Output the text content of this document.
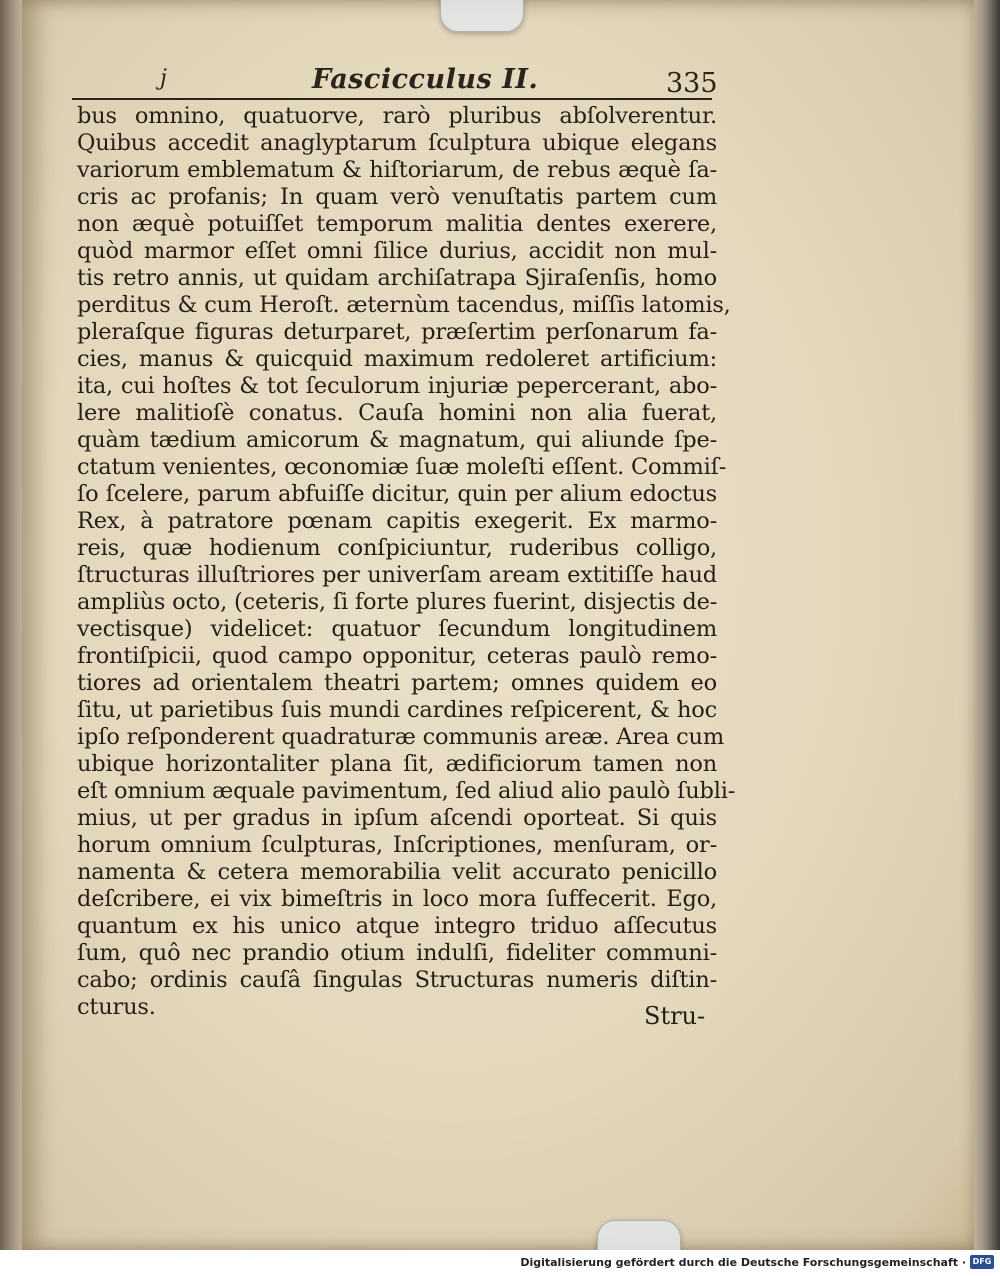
j	Fascicculus II.	335
bus omnino, quatuorve, rarò pluribus abſolverentur.
Quibus accedit anaglyptarum ſculptura ubique elegans
variorum emblematum & hiſtoriarum, de rebus æquè ſa-
cris ac profanis; In quam verò venuſtatis partem cum
non æquè potuiſſet temporum malitia dentes exerere,
quòd marmor eſſet omni ſilice durius, accidit non mul-
tis retro annis, ut quidam archiſatrapa Sjiraſenſis, homo
perditus & cum Heroſt. æternùm tacendus, miſſis latomis,
pleraſque figuras deturparet, præſertim perſonarum fa-
cies, manus & quicquid maximum redoleret artificium:
ita, cui hoſtes & tot ſeculorum injuriæ pepercerant, abo-
lere malitioſè conatus. Cauſa homini non alia fuerat,
quàm tædium amicorum & magnatum, qui aliunde ſpe-
ctatum venientes, œconomiæ ſuæ moleſti eſſent. Commiſ-
ſo ſcelere, parum abfuiſſe dicitur, quin per alium edoctus
Rex, à patratore pœnam capitis exegerit. Ex marmo-
reis, quæ hodienum conſpiciuntur, ruderibus colligo,
ſtructuras illuſtriores per univerſam aream extitiſſe haud
ampliùs octo, (ceteris, ſi forte plures fuerint, disjectis de-
vectisque) videlicet: quatuor ſecundum longitudinem
frontiſpicii, quod campo opponitur, ceteras paulò remo-
tiores ad orientalem theatri partem; omnes quidem eo
ſitu, ut parietibus ſuis mundi cardines reſpicerent, & hoc
ipſo reſponderent quadraturæ communis areæ. Area cum
ubique horizontaliter plana ſit, ædificiorum tamen non
eſt omnium æquale pavimentum, ſed aliud alio paulò ſubli-
mius, ut per gradus in ipſum aſcendi oporteat. Si quis
horum omnium ſculpturas, Inſcriptiones, menſuram, or-
namenta & cetera memorabilia velit accurato penicillo
deſcribere, ei vix bimeſtris in loco mora ſuffecerit. Ego,
quantum ex his unico atque integro triduo aſſecutus
ſum, quô nec prandio otium indulſi, fideliter communi-
cabo; ordinis cauſâ ſingulas Structuras numeris diſtin-
cturus.	Stru-
Digitalisierung gefördert durch die Deutsche Forschungsgemeinschaft · DFG
